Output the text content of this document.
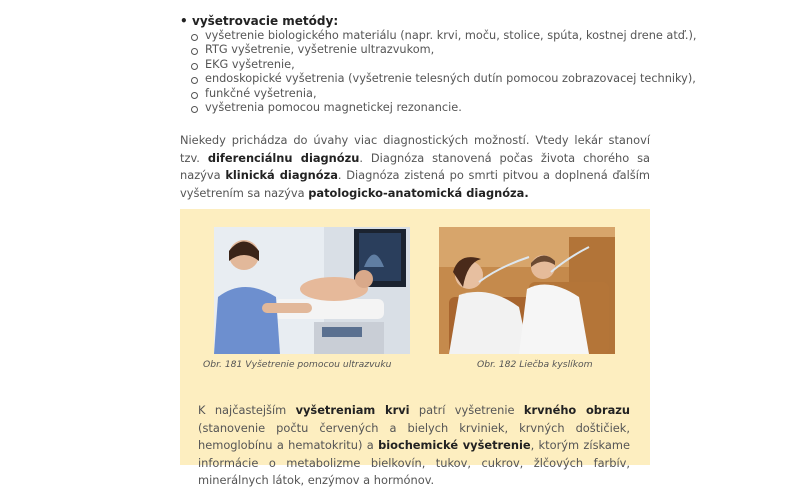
• vyšetrovacie metódy:
vyšetrenie biologického materiálu (napr. krvi, moču, stolice, spúta, kostnej drene atď.),
RTG vyšetrenie, vyšetrenie ultrazvukom,
EKG vyšetrenie,
endoskopické vyšetrenia (vyšetrenie telesných dutín pomocou zobrazovacej techniky),
funkčné vyšetrenia,
vyšetrenia pomocou magnetickej rezonancie.

Niekedy prichádza do úvahy viac diagnostických možností. Vtedy lekár stanoví tzv. diferenciálnu diagnózu. Diagnóza stanovená počas života chorého sa nazýva klinická diagnóza. Diagnóza zistená po smrti pitvou a doplnená ďalším vyšetrením sa nazýva patologicko-anatomická diagnóza.

Obr. 181 Vyšetrenie pomocou ultrazvuku	Obr. 182 Liečba kyslíkom

K najčastejším vyšetreniam krvi patrí vyšetrenie krvného obrazu (stanovenie počtu červených a bielych krviniek, krvných doštičiek, hemoglobínu a hematokritu) a biochemické vyšetrenie, ktorým získame informácie o metabolizme bielkovín, tukov, cukrov, žlčových farbív, minerálnych látok, enzýmov a hormónov.
